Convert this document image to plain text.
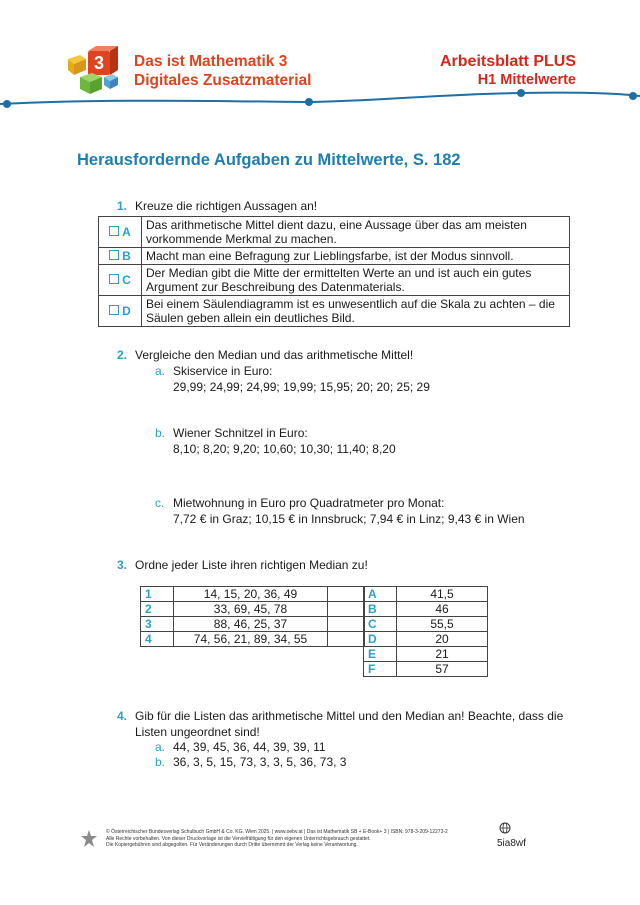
3	Das ist Mathematik 3
Digitales Zusatzmaterial
Arbeitsblatt PLUS
H1 Mittelwerte
Herausfordernde Aufgaben zu Mittelwerte, S. 182
1. Kreuze die richtigen Aussagen an!
A	Das arithmetische Mittel dient dazu, eine Aussage über das am meisten vorkommende Merkmal zu machen.
B	Macht man eine Befragung zur Lieblingsfarbe, ist der Modus sinnvoll.
C	Der Median gibt die Mitte der ermittelten Werte an und ist auch ein gutes Argument zur Beschreibung des Datenmaterials.
D	Bei einem Säulendiagramm ist es unwesentlich auf die Skala zu achten – die Säulen geben allein ein deutliches Bild.
2. Vergleiche den Median und das arithmetische Mittel!
a. Skiservice in Euro:
29,99; 24,99; 24,99; 19,99; 15,95; 20; 20; 25; 29
b. Wiener Schnitzel in Euro:
8,10; 8,20; 9,20; 10,60; 10,30; 11,40; 8,20
c. Mietwohnung in Euro pro Quadratmeter pro Monat:
7,72 € in Graz; 10,15 € in Innsbruck; 7,94 € in Linz; 9,43 € in Wien
3. Ordne jeder Liste ihren richtigen Median zu!
1	14, 15, 20, 36, 49	
2	33, 69, 45, 78	
3	88, 46, 25, 37	
4	74, 56, 21, 89, 34, 55	
A	41,5
B	46
C	55,5
D	20
E	21
F	57
4. Gib für die Listen das arithmetische Mittel und den Median an! Beachte, dass die
Listen ungeordnet sind!
a. 44, 39, 45, 36, 44, 39, 39, 11
b. 36, 3, 5, 15, 73, 3, 3, 5, 36, 73, 3
© Österreichischer Bundesverlag Schulbuch GmbH & Co. KG, Wien 2025. | www.oebv.at | Das ist Mathematik SB + E-Book+ 3 | ISBN: 978-3-209-12273-2
Alle Rechte vorbehalten. Von dieser Druckvorlage ist die Vervielfältigung für den eigenen Unterrichtsgebrauch gestattet.
Die Kopiergebühren sind abgegolten. Für Veränderungen durch Dritte übernimmt der Verlag keine Verantwortung.	5ia8wf
